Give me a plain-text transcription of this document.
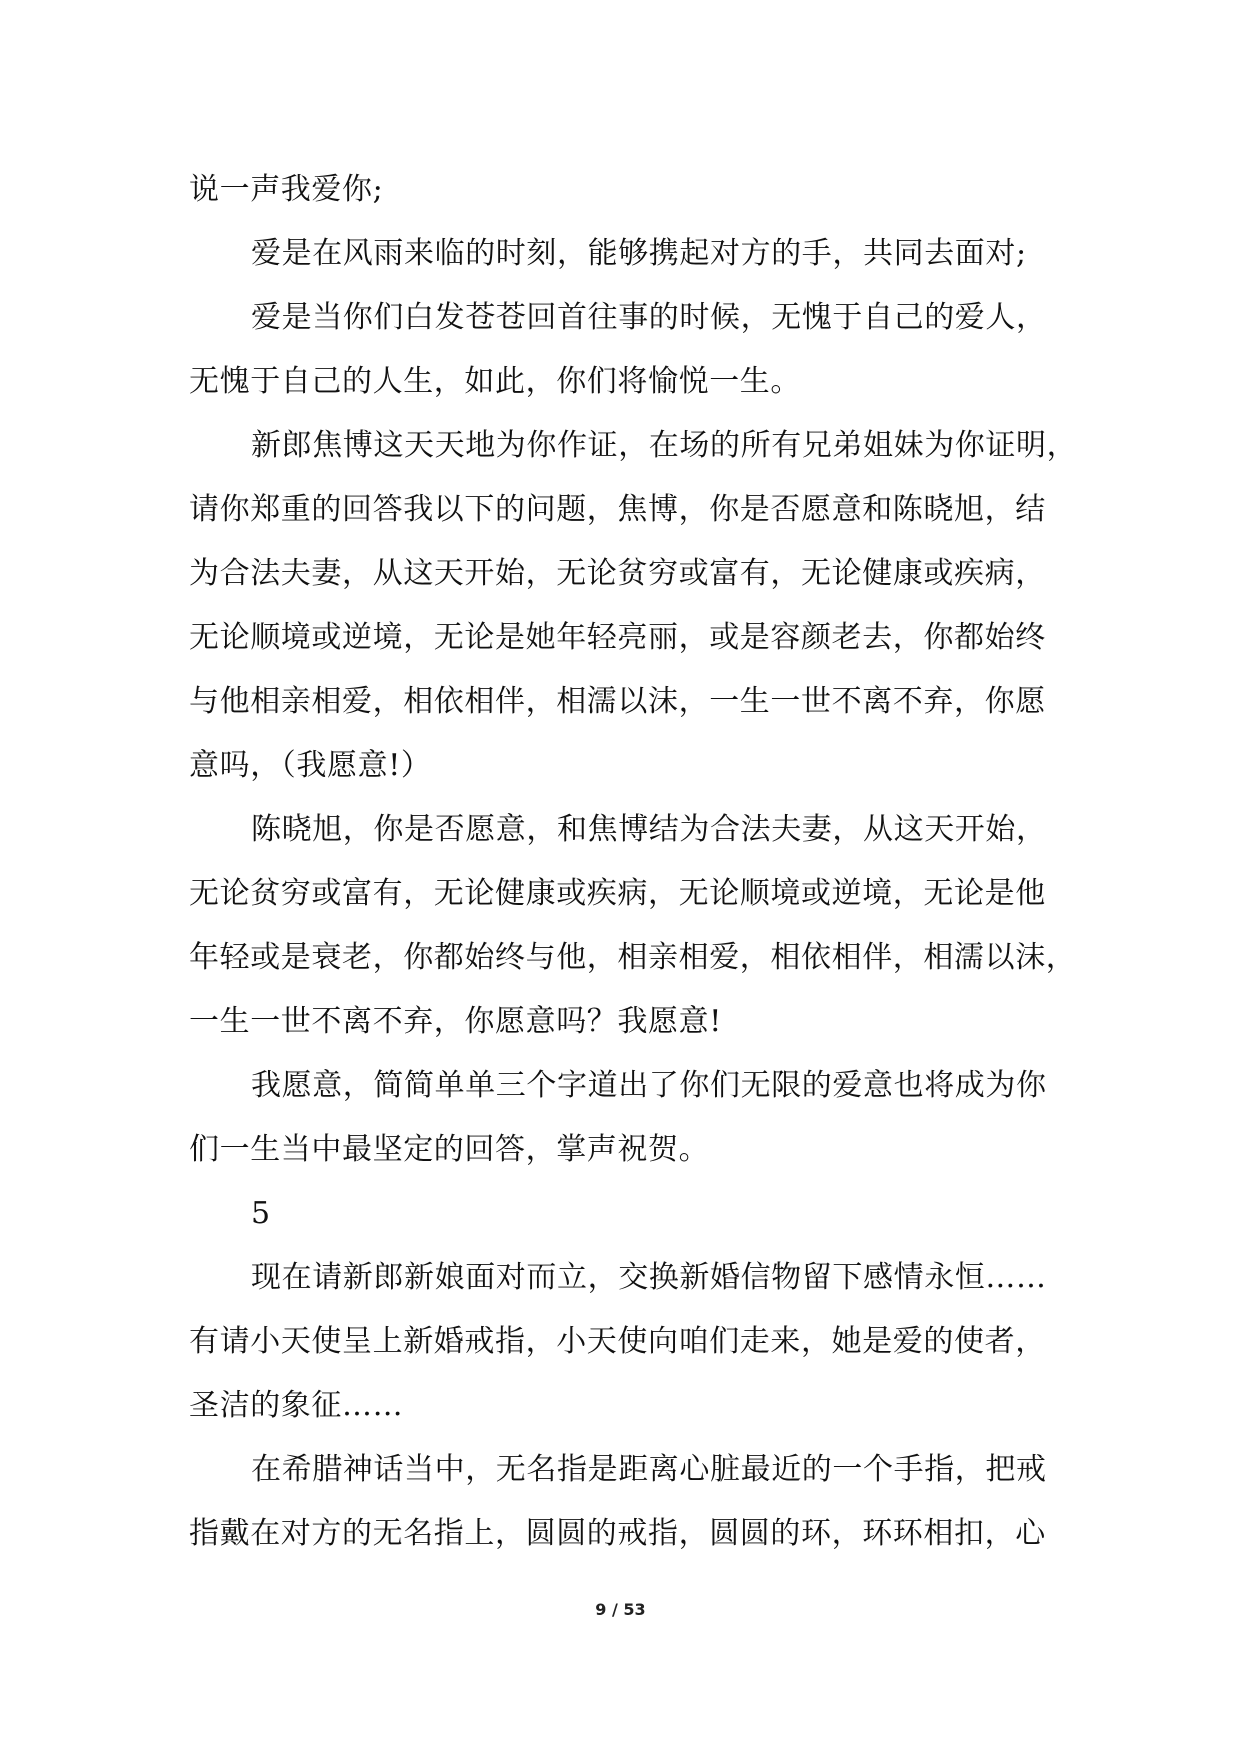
说一声我爱你;
爱是在风雨来临的时刻，能够携起对方的手，共同去面对;
爱是当你们白发苍苍回首往事的时候，无愧于自己的爱人，
无愧于自己的人生，如此，你们将愉悦一生。
新郎焦博这天天地为你作证，在场的所有兄弟姐妹为你证明，
请你郑重的回答我以下的问题，焦博，你是否愿意和陈晓旭，结
为合法夫妻，从这天开始，无论贫穷或富有，无论健康或疾病，
无论顺境或逆境，无论是她年轻亮丽，或是容颜老去，你都始终
与他相亲相爱，相依相伴，相濡以沫，一生一世不离不弃，你愿
意吗，（我愿意!）
陈晓旭，你是否愿意，和焦博结为合法夫妻，从这天开始，
无论贫穷或富有，无论健康或疾病，无论顺境或逆境，无论是他
年轻或是衰老，你都始终与他，相亲相爱，相依相伴，相濡以沫，
一生一世不离不弃，你愿意吗？我愿意!
我愿意，简简单单三个字道出了你们无限的爱意也将成为你
们一生当中最坚定的回答，掌声祝贺。
5
现在请新郎新娘面对而立，交换新婚信物留下感情永恒……
有请小天使呈上新婚戒指，小天使向咱们走来，她是爱的使者，
圣洁的象征……
在希腊神话当中，无名指是距离心脏最近的一个手指，把戒
指戴在对方的无名指上，圆圆的戒指，圆圆的环，环环相扣，心
9 / 53
